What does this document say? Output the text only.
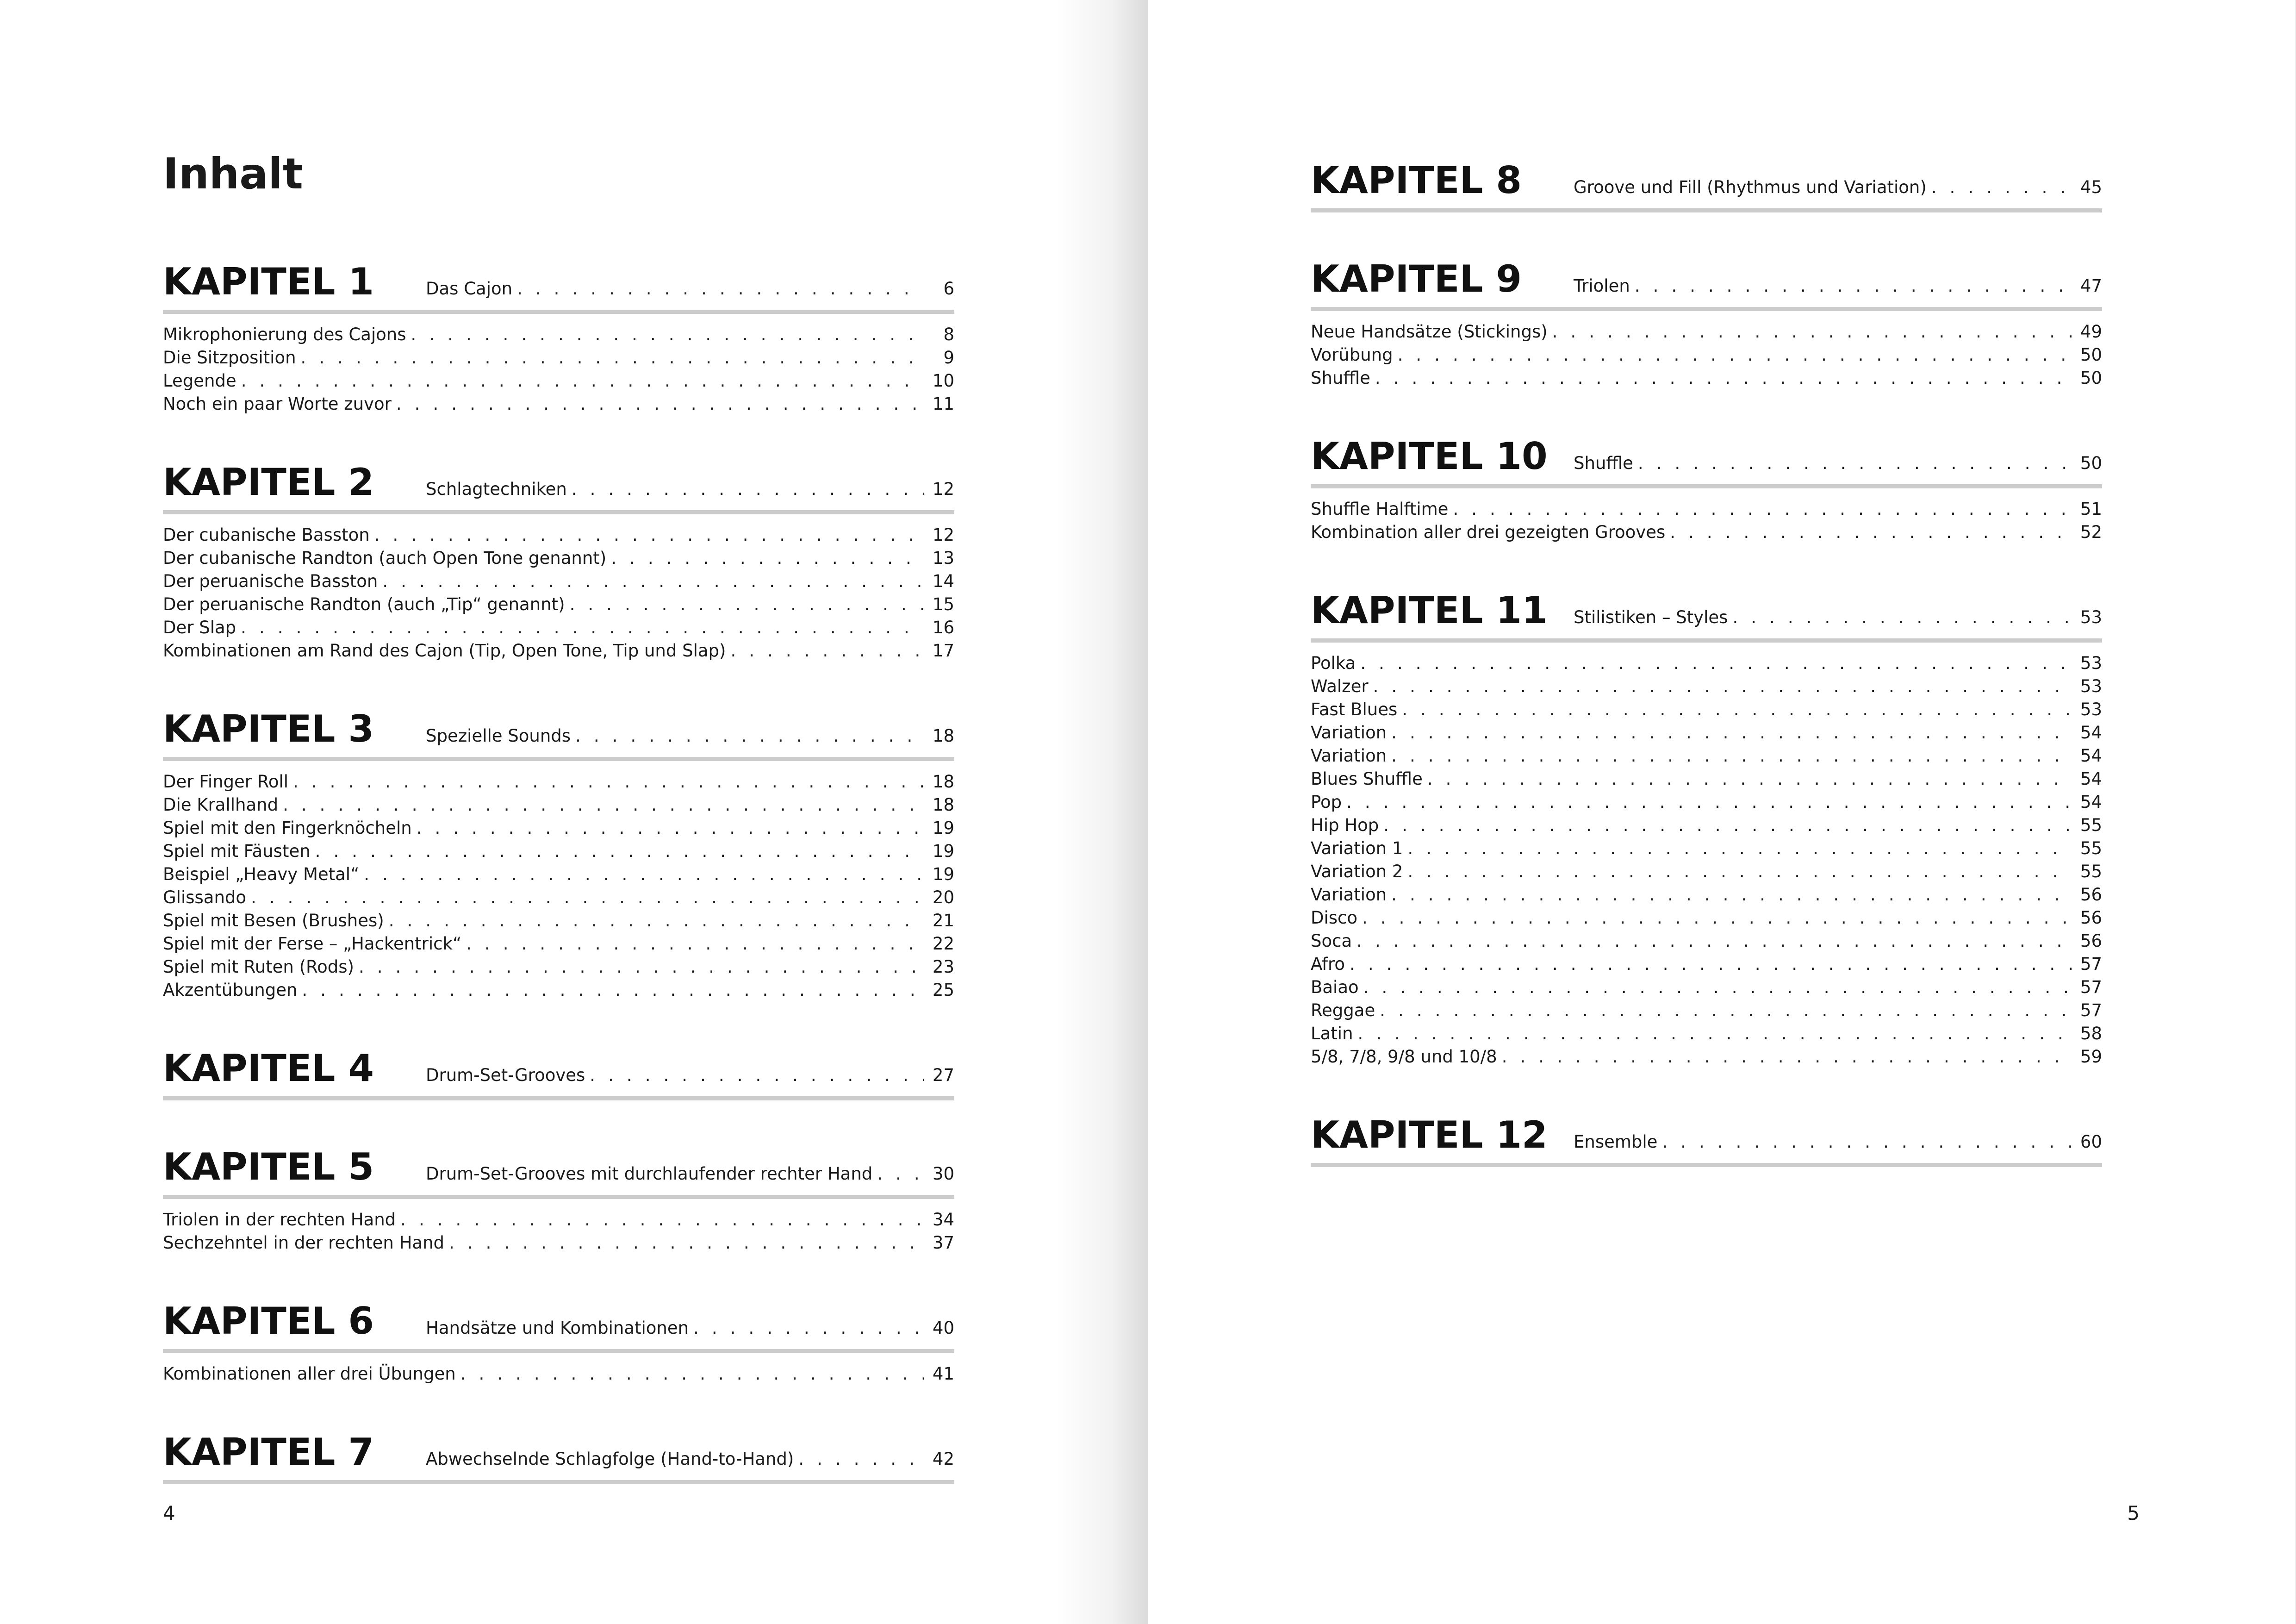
Inhalt
KAPITEL 1	Das Cajon . . .	6
Mikrophonierung des Cajons . . .	8
Die Sitzposition . . .	9
Legende . . .	10
Noch ein paar Worte zuvor . . .	11
KAPITEL 2	Schlagtechniken . . .	12
Der cubanische Basston . . .	12
Der cubanische Randton (auch Open Tone genannt) . . .	13
Der peruanische Basston . . .	14
Der peruanische Randton (auch „Tip“ genannt) . . .	15
Der Slap . . .	16
Kombinationen am Rand des Cajon (Tip, Open Tone, Tip und Slap) . . .	17
KAPITEL 3	Spezielle Sounds . . .	18
Der Finger Roll . . .	18
Die Krallhand . . .	18
Spiel mit den Fingerknöcheln . . .	19
Spiel mit Fäusten . . .	19
Beispiel „Heavy Metal“ . . .	19
Glissando . . .	20
Spiel mit Besen (Brushes) . . .	21
Spiel mit der Ferse – „Hackentrick“ . . .	22
Spiel mit Ruten (Rods) . . .	23
Akzentübungen . . .	25
KAPITEL 4	Drum-Set-Grooves . . .	27
KAPITEL 5	Drum-Set-Grooves mit durchlaufender rechter Hand . . .	30
Triolen in der rechten Hand . . .	34
Sechzehntel in der rechten Hand . . .	37
KAPITEL 6	Handsätze und Kombinationen . . .	40
Kombinationen aller drei Übungen . . .	41
KAPITEL 7	Abwechselnde Schlagfolge (Hand-to-Hand) . . .	42
4
KAPITEL 8	Groove und Fill (Rhythmus und Variation) . . .	45
KAPITEL 9	Triolen . . .	47
Neue Handsätze (Stickings) . . .	49
Vorübung . . .	50
Shuffle . . .	50
KAPITEL 10	Shuffle . . .	50
Shuffle Halftime . . .	51
Kombination aller drei gezeigten Grooves . . .	52
KAPITEL 11	Stilistiken – Styles . . .	53
Polka . . .	53
Walzer . . .	53
Fast Blues . . .	53
Variation . . .	54
Variation . . .	54
Blues Shuffle . . .	54
Pop . . .	54
Hip Hop . . .	55
Variation 1 . . .	55
Variation 2 . . .	55
Variation . . .	56
Disco . . .	56
Soca . . .	56
Afro . . .	57
Baiao . . .	57
Reggae . . .	57
Latin . . .	58
5/8, 7/8, 9/8 und 10/8 . . .	59
KAPITEL 12	Ensemble . . .	60
5
